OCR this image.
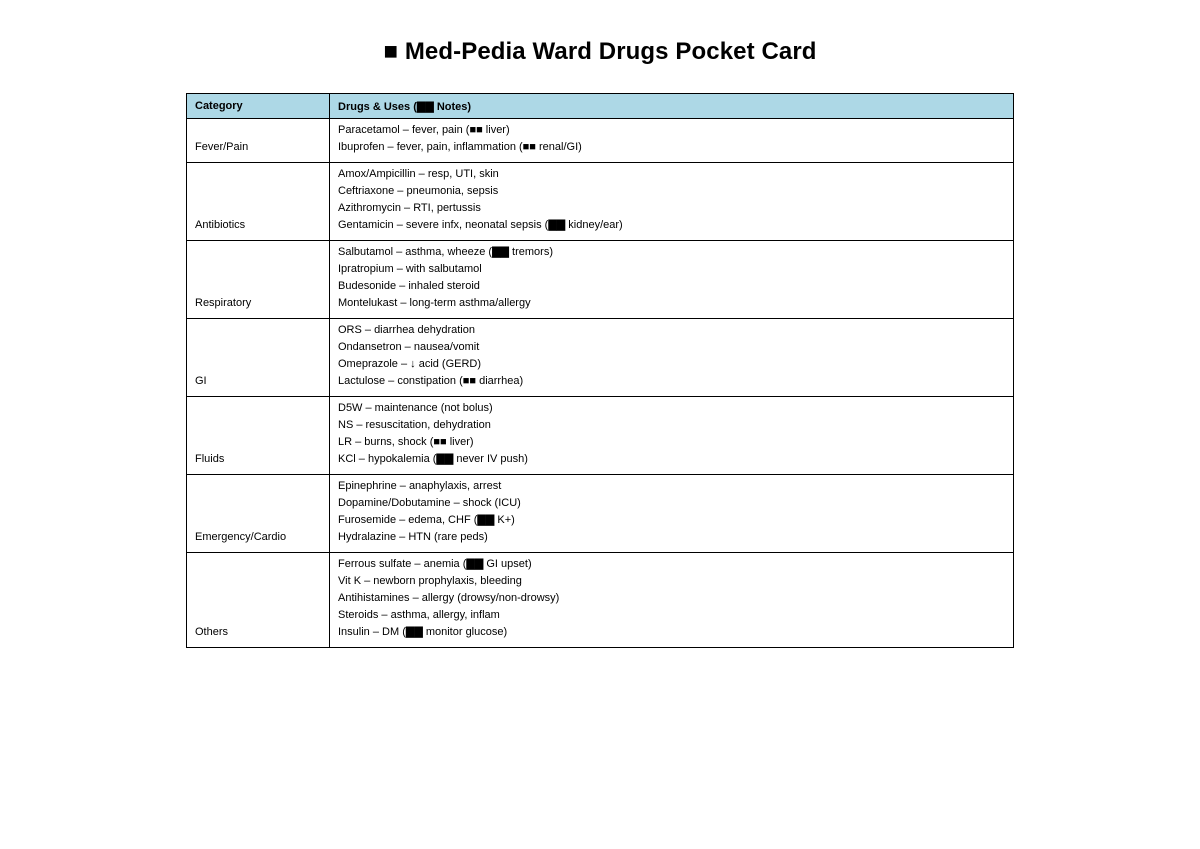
■ Med-Pedia Ward Drugs Pocket Card
Category	Drugs & Uses (▇▇ Notes)
Fever/Pain	Paracetamol – fever, pain (■■ liver)
Ibuprofen – fever, pain, inflammation (■■ renal/GI)

Antibiotics	Amox/Ampicillin – resp, UTI, skin
Ceftriaxone – pneumonia, sepsis
Azithromycin – RTI, pertussis
Gentamicin – severe infx, neonatal sepsis (▇▇ kidney/ear)

Respiratory	Salbutamol – asthma, wheeze (▇▇ tremors)
Ipratropium – with salbutamol
Budesonide – inhaled steroid
Montelukast – long-term asthma/allergy

GI	ORS – diarrhea dehydration
Ondansetron – nausea/vomit
Omeprazole – ↓ acid (GERD)
Lactulose – constipation (■■ diarrhea)

Fluids	D5W – maintenance (not bolus)
NS – resuscitation, dehydration
LR – burns, shock (■■ liver)
KCl – hypokalemia (▇▇ never IV push)

Emergency/Cardio	Epinephrine – anaphylaxis, arrest
Dopamine/Dobutamine – shock (ICU)
Furosemide – edema, CHF (▇▇ K+)
Hydralazine – HTN (rare peds)

Others	Ferrous sulfate – anemia (▇▇ GI upset)
Vit K – newborn prophylaxis, bleeding
Antihistamines – allergy (drowsy/non-drowsy)
Steroids – asthma, allergy, inflam
Insulin – DM (▇▇ monitor glucose)
